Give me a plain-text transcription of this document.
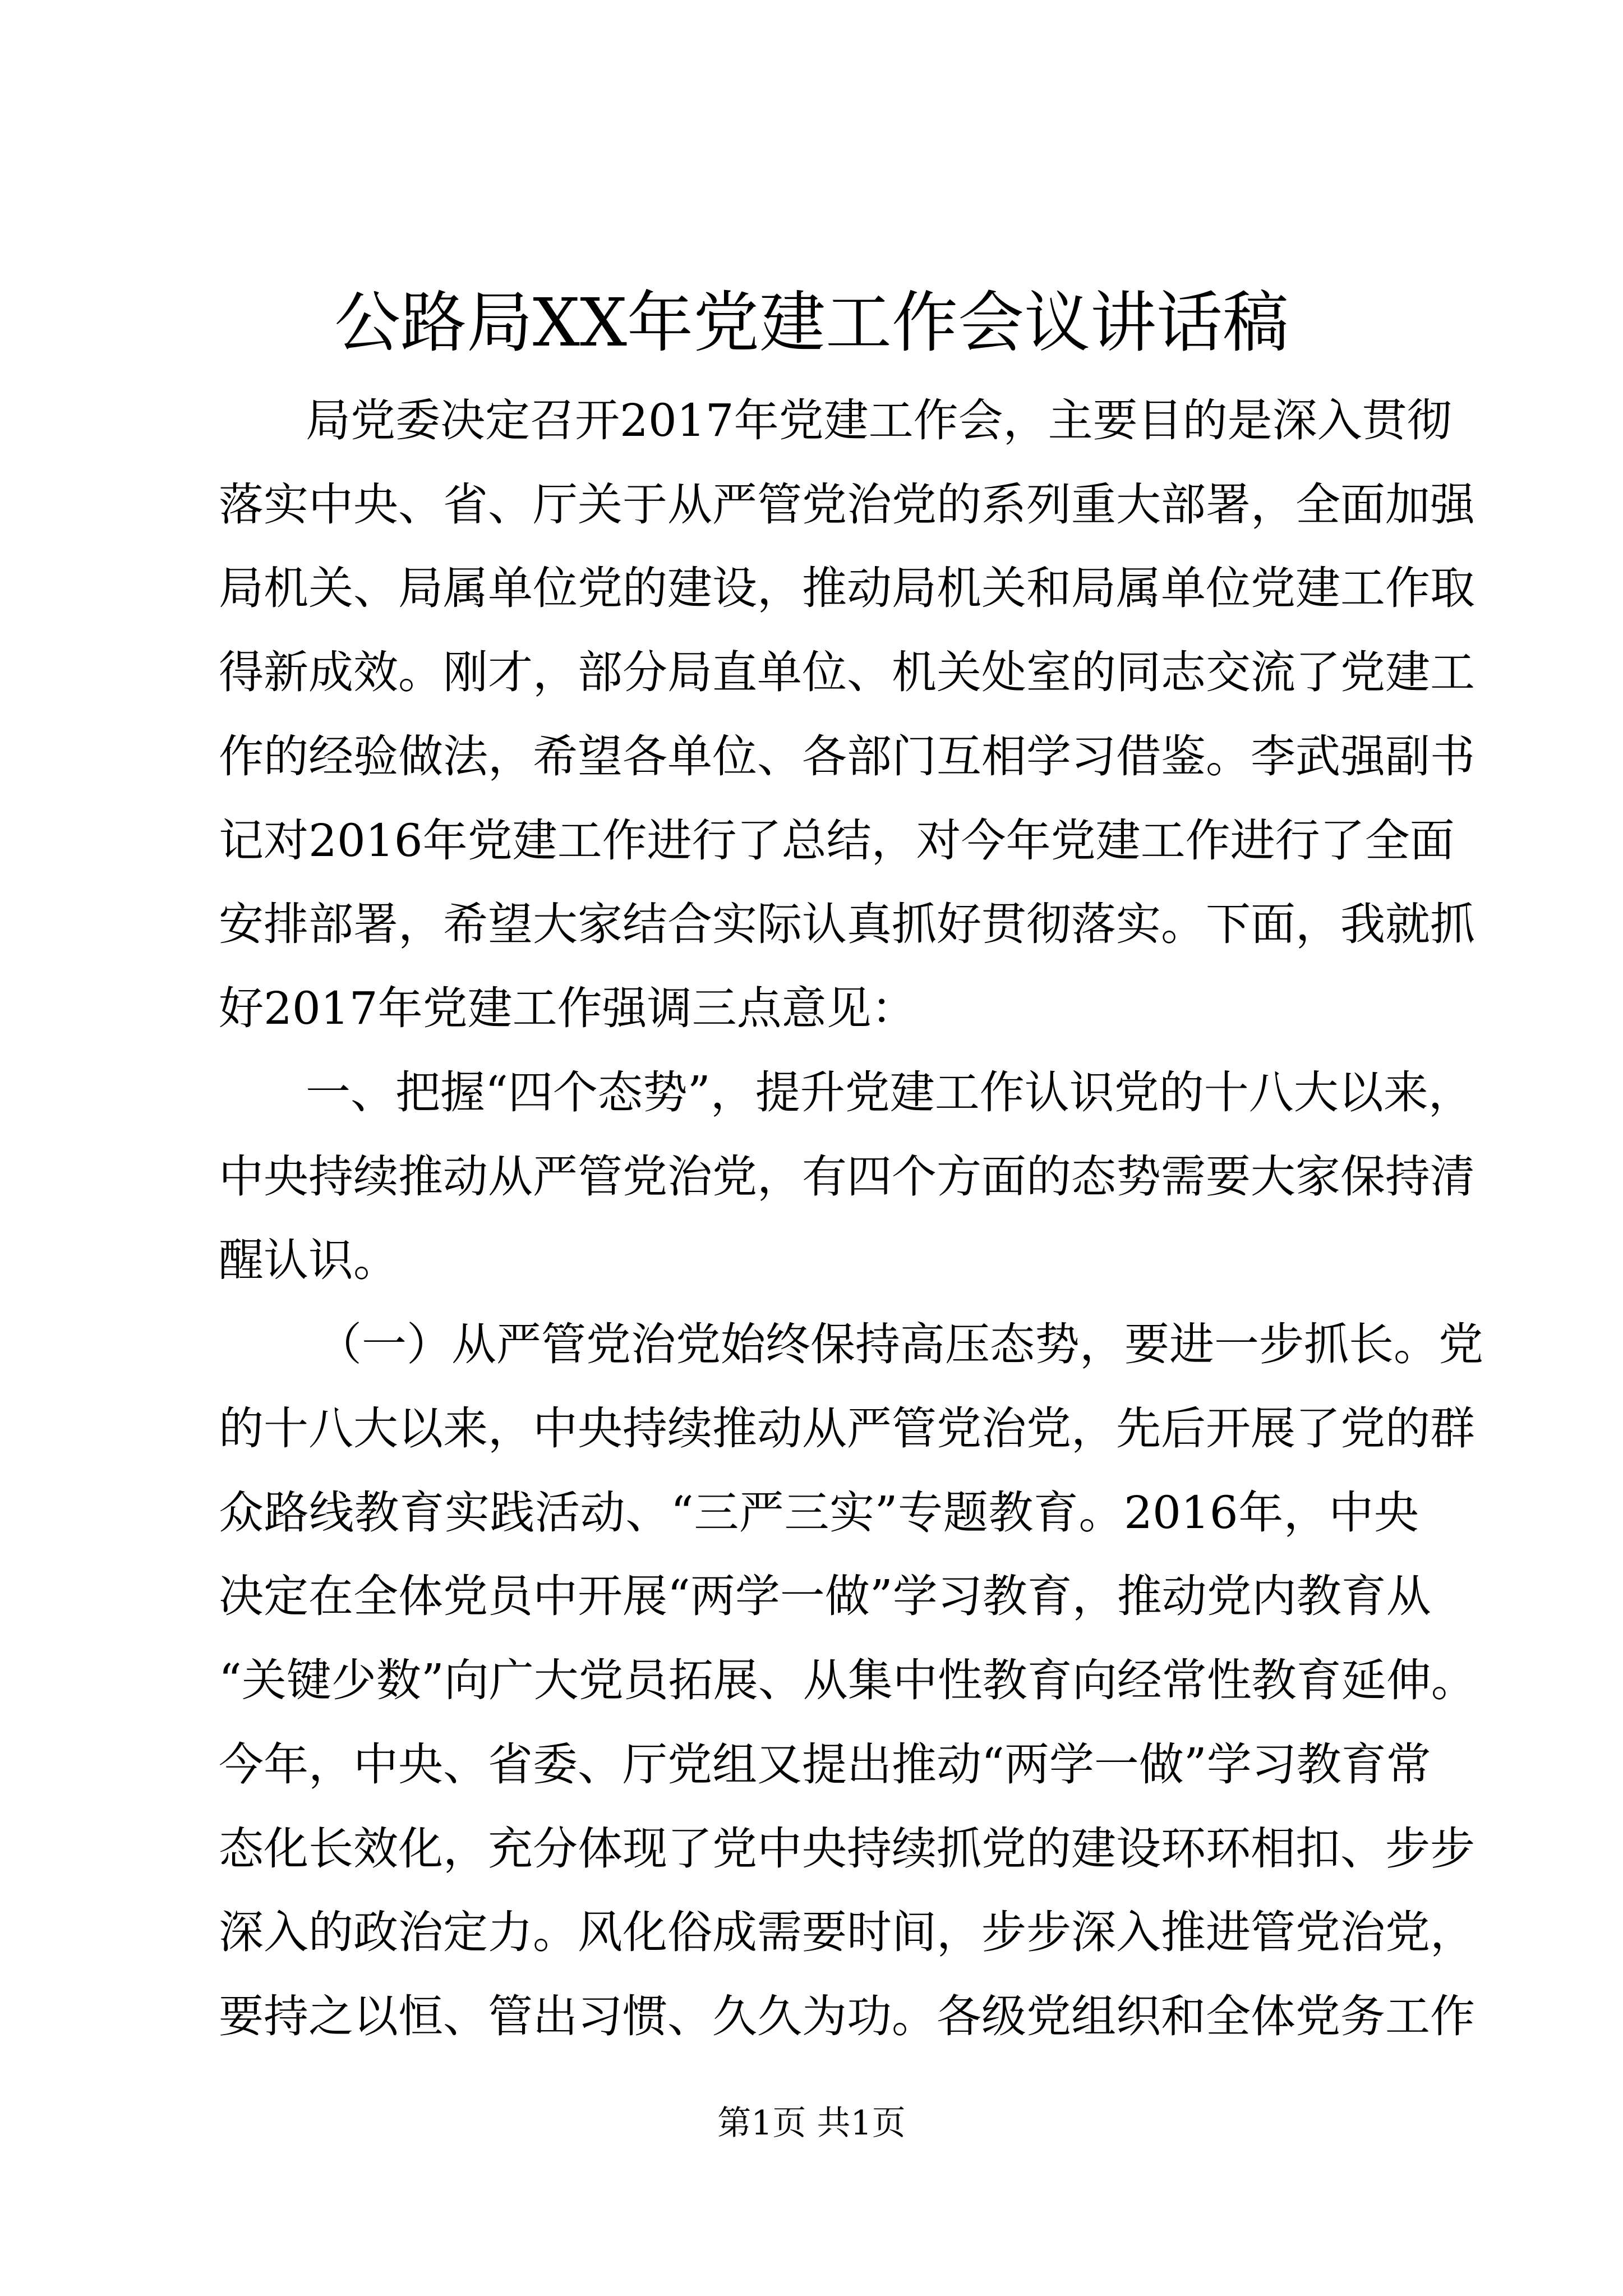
公路局XX年党建工作会议讲话稿

局党委决定召开2017年党建工作会，主要目的是深入贯彻

落实中央、省、厅关于从严管党治党的系列重大部署，全面加强

局机关、局属单位党的建设，推动局机关和局属单位党建工作取

得新成效。刚才，部分局直单位、机关处室的同志交流了党建工

作的经验做法，希望各单位、各部门互相学习借鉴。李武强副书

记对2016年党建工作进行了总结，对今年党建工作进行了全面

安排部署，希望大家结合实际认真抓好贯彻落实。下面，我就抓

好2017年党建工作强调三点意见：

一、把握“四个态势”，提升党建工作认识党的十八大以来，

中央持续推动从严管党治党，有四个方面的态势需要大家保持清

醒认识。

（一）从严管党治党始终保持高压态势，要进一步抓长。党

的十八大以来，中央持续推动从严管党治党，先后开展了党的群

众路线教育实践活动、“三严三实”专题教育。2016年，中央

决定在全体党员中开展“两学一做”学习教育，推动党内教育从

“关键少数”向广大党员拓展、从集中性教育向经常性教育延伸。

今年，中央、省委、厅党组又提出推动“两学一做”学习教育常

态化长效化，充分体现了党中央持续抓党的建设环环相扣、步步

深入的政治定力。风化俗成需要时间，步步深入推进管党治党，

要持之以恒、管出习惯、久久为功。各级党组织和全体党务工作

第1页 共1页
